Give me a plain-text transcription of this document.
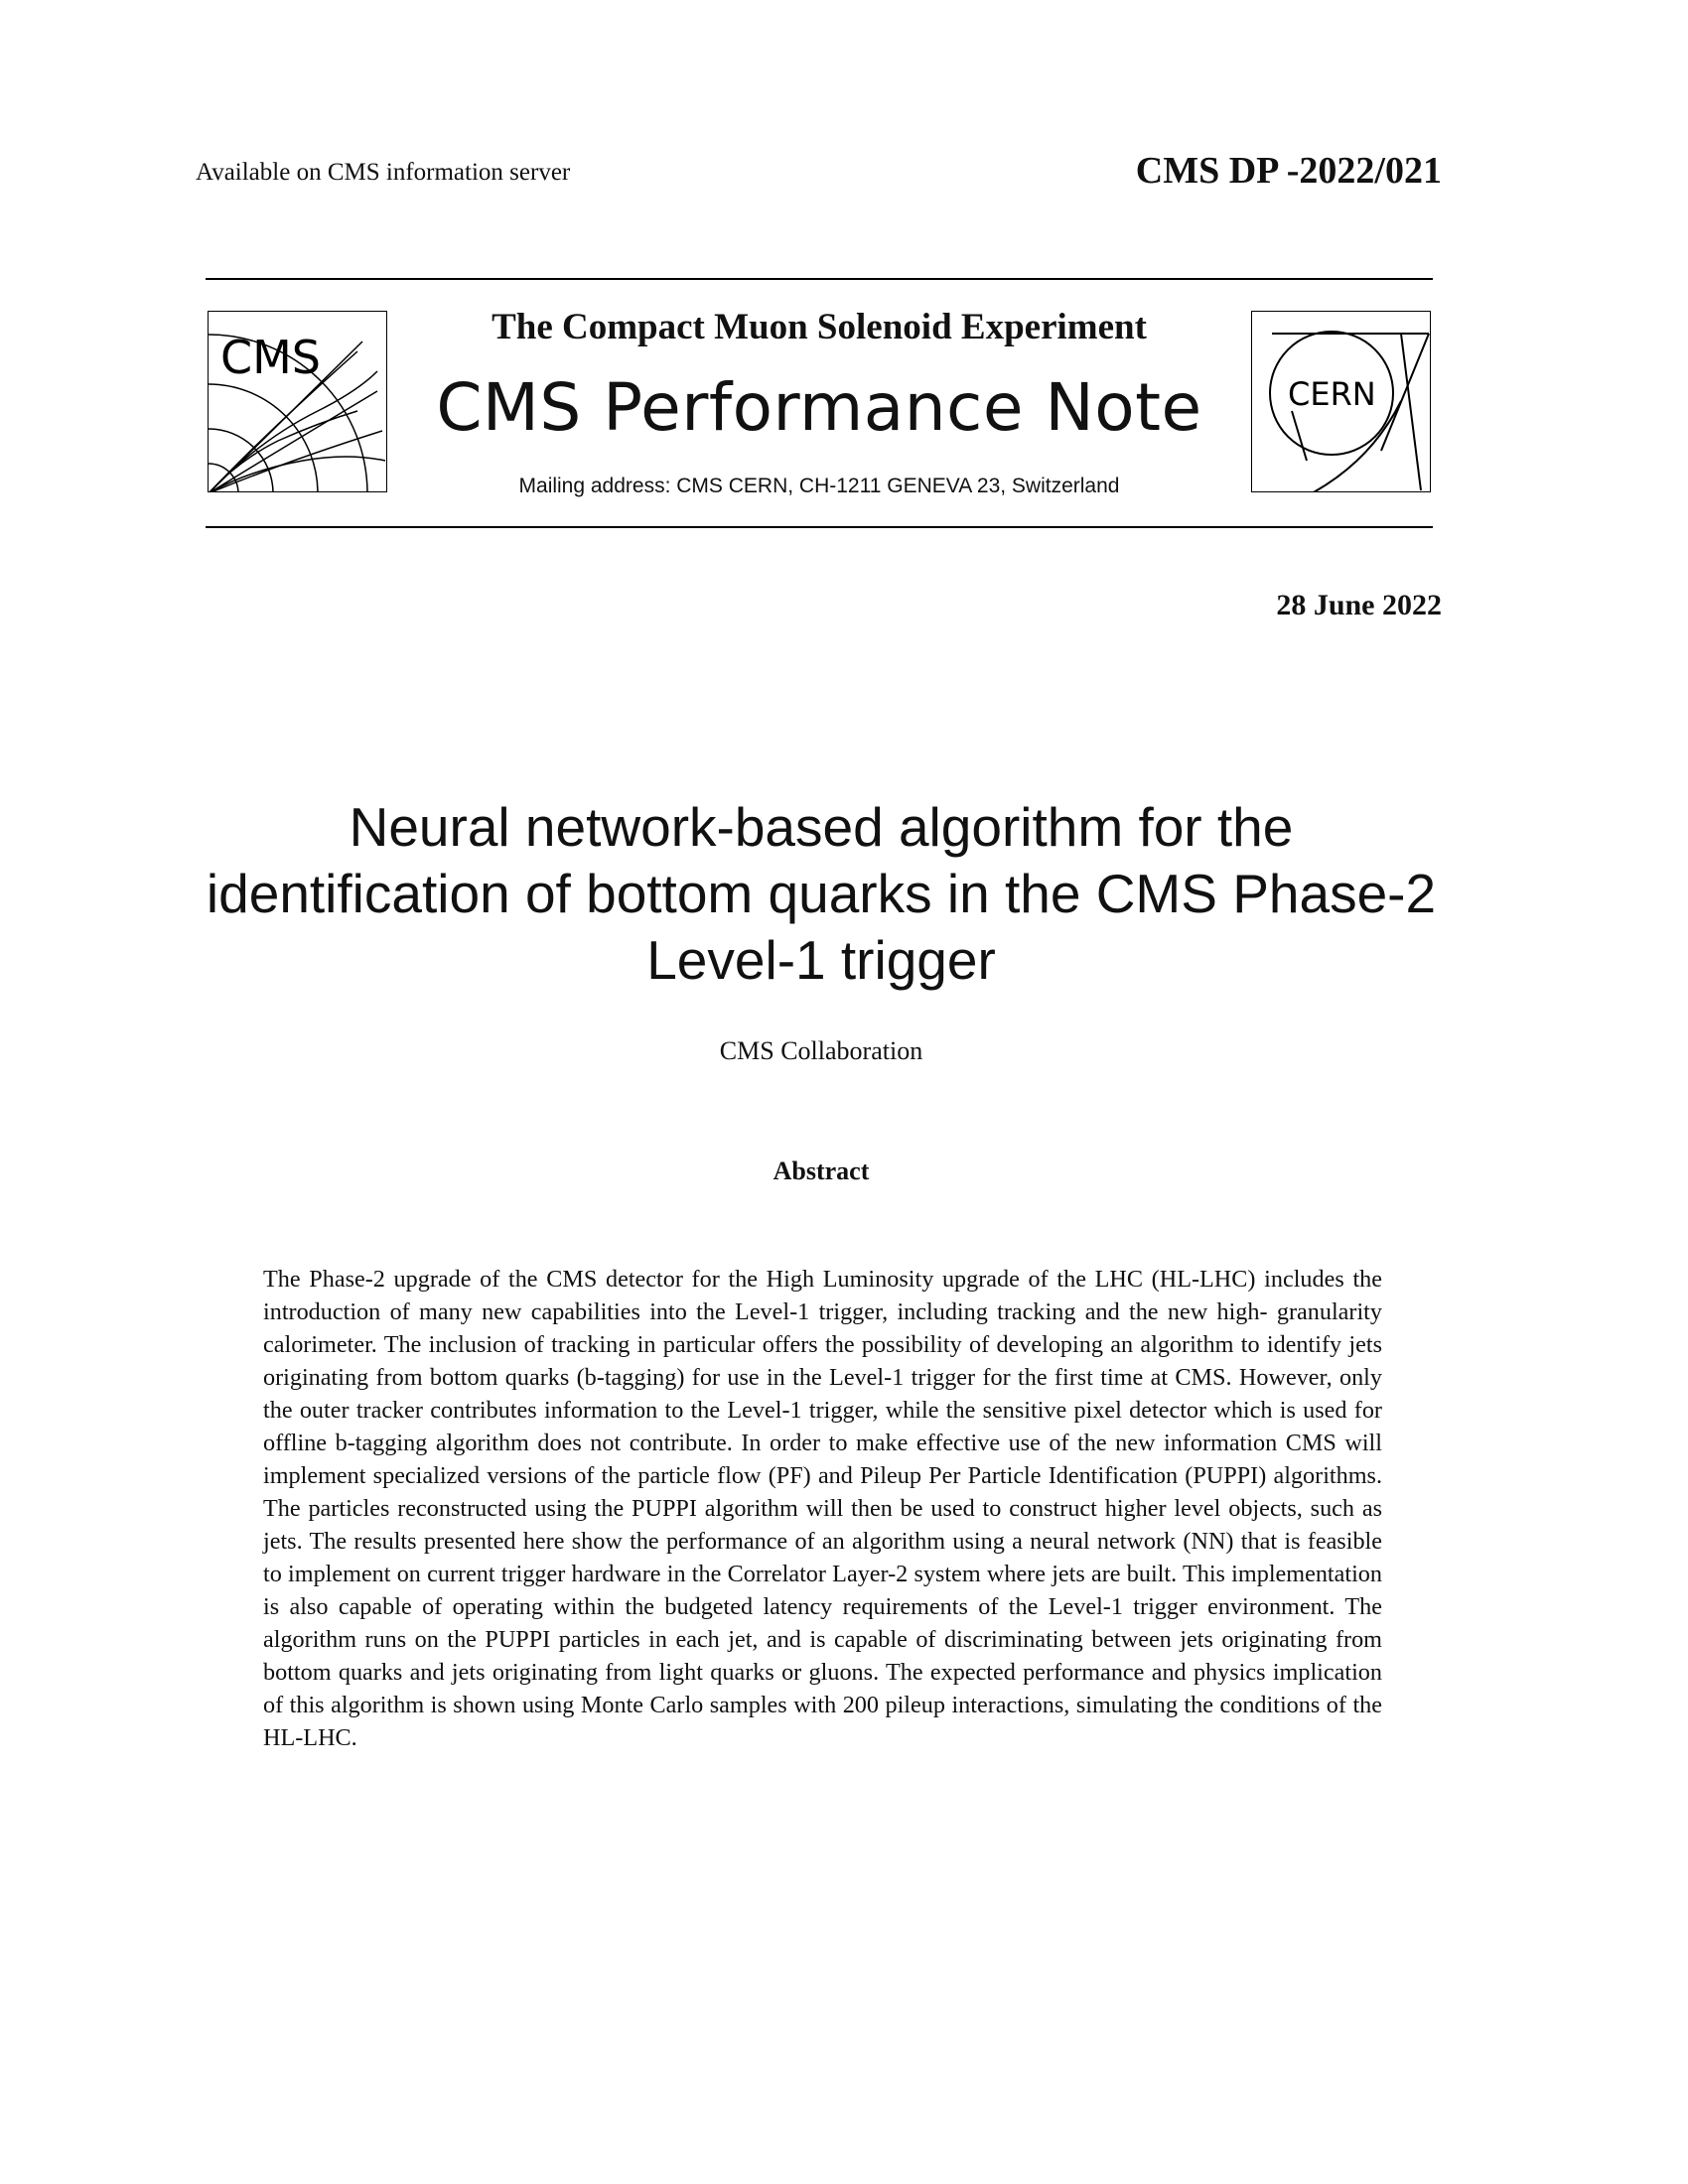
Available on CMS information server	CMS DP -2022/021
CMS
The Compact Muon Solenoid Experiment
CMS Performance Note
Mailing address: CMS CERN, CH-1211 GENEVA 23, Switzerland
CERN
28 June 2022
Neural network-based algorithm for the identification of bottom quarks in the CMS Phase-2 Level-1 trigger
CMS Collaboration
Abstract
The Phase-2 upgrade of the CMS detector for the High Luminosity upgrade of the LHC (HL-LHC) includes the introduction of many new capabilities into the Level-1 trigger, including tracking and the new high- granularity calorimeter. The inclusion of tracking in particular offers the possibility of developing an algorithm to identify jets originating from bottom quarks (b-tagging) for use in the Level-1 trigger for the first time at CMS. However, only the outer tracker contributes information to the Level-1 trigger, while the sensitive pixel detector which is used for offline b-tagging algorithm does not contribute. In order to make effective use of the new information CMS will implement specialized versions of the particle flow (PF) and Pileup Per Particle Identification (PUPPI) algorithms. The particles reconstructed using the PUPPI algorithm will then be used to construct higher level objects, such as jets. The results presented here show the performance of an algorithm using a neural network (NN) that is feasible to implement on current trigger hardware in the Correlator Layer-2 system where jets are built. This implementation is also capable of operating within the budgeted latency requirements of the Level-1 trigger environment. The algorithm runs on the PUPPI particles in each jet, and is capable of discriminating between jets originating from bottom quarks and jets originating from light quarks or gluons. The expected performance and physics implication of this algorithm is shown using Monte Carlo samples with 200 pileup interactions, simulating the conditions of the HL-LHC.
